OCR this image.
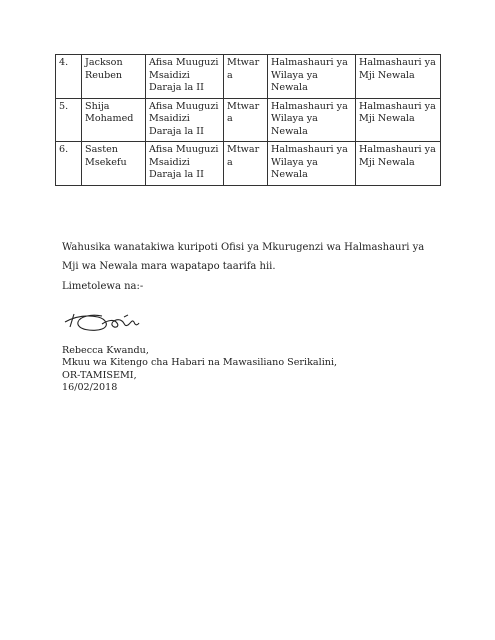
4.	Jackson Reuben	Afisa Muuguzi Msaidizi Daraja la II	Mtwara	Halmashauri ya Wilaya ya Newala	Halmashauri ya Mji Newala
5.	Shija Mohamed	Afisa Muuguzi Msaidizi Daraja la II	Mtwara	Halmashauri ya Wilaya ya Newala	Halmashauri ya Mji Newala
6.	Sasten Msekefu	Afisa Muuguzi Msaidizi Daraja la II	Mtwara	Halmashauri ya Wilaya ya Newala	Halmashauri ya Mji Newala
Wahusika wanatakiwa kuripoti Ofisi ya Mkurugenzi wa Halmashauri ya Mji wa Newala mara wapatapo taarifa hii.
Limetolewa na:-
Rebecca Kwandu,
Mkuu wa Kitengo cha Habari na Mawasiliano Serikalini,
OR-TAMISEMI,
16/02/2018
